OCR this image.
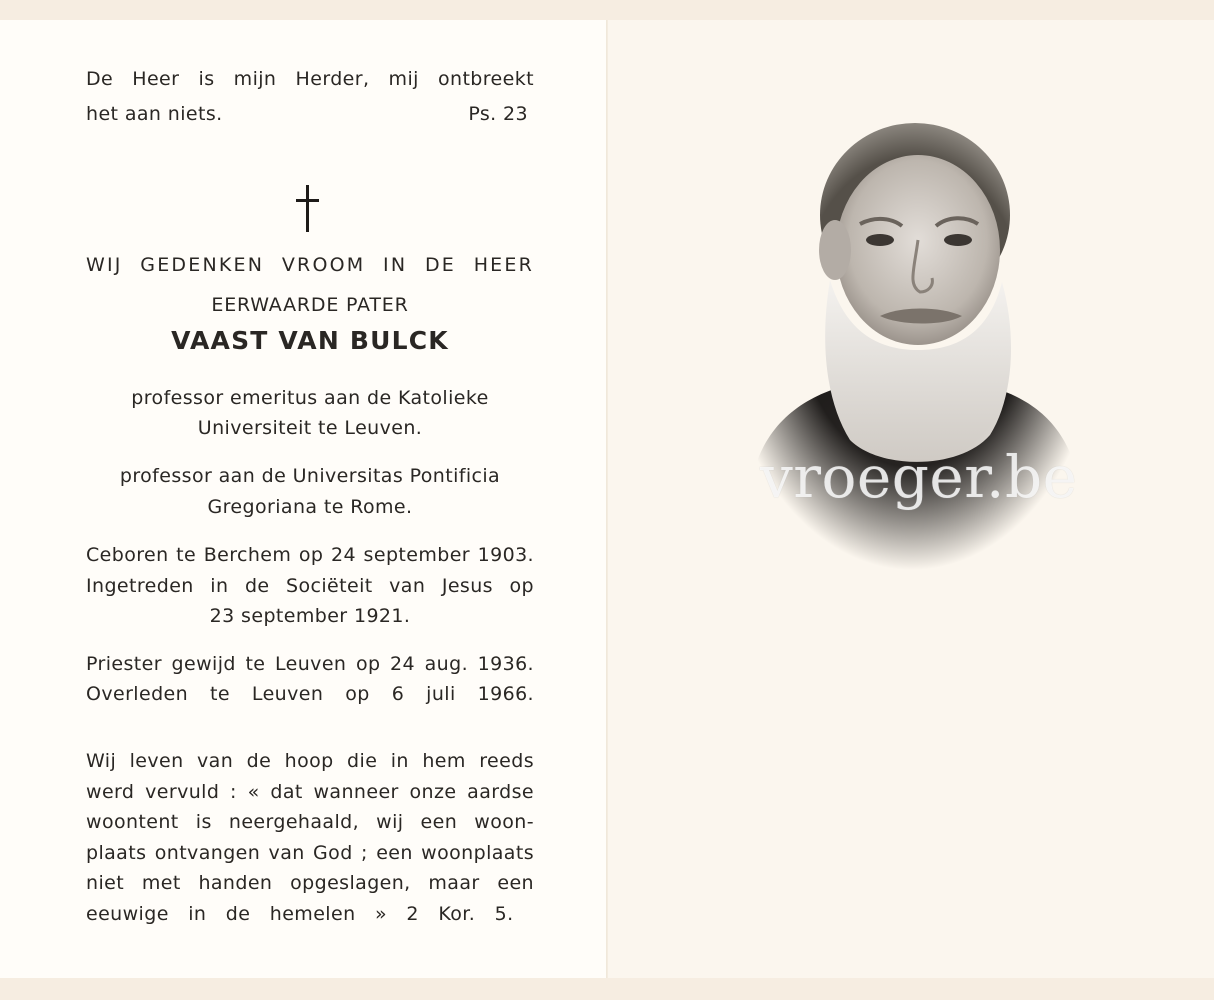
De Heer is mijn Herder, mij ontbreekt
het aan niets.	Ps. 23
WIJ GEDENKEN VROOM IN DE HEER
EERWAARDE PATER
VAAST VAN BULCK
professor emeritus aan de Katolieke
Universiteit te Leuven.
professor aan de Universitas Pontificia
Gregoriana te Rome.
Ceboren te Berchem op 24 september 1903.
Ingetreden in de Sociëteit van Jesus op
23 september 1921.
Priester gewijd te Leuven op 24 aug. 1936.
Overleden te Leuven op 6 juli 1966.
Wij leven van de hoop die in hem reeds
werd vervuld : « dat wanneer onze aardse
woontent is neergehaald, wij een woon-
plaats ontvangen van God ; een woonplaats
niet met handen opgeslagen, maar een
eeuwige in de hemelen » 2 Kor. 5.
vroeger.be
